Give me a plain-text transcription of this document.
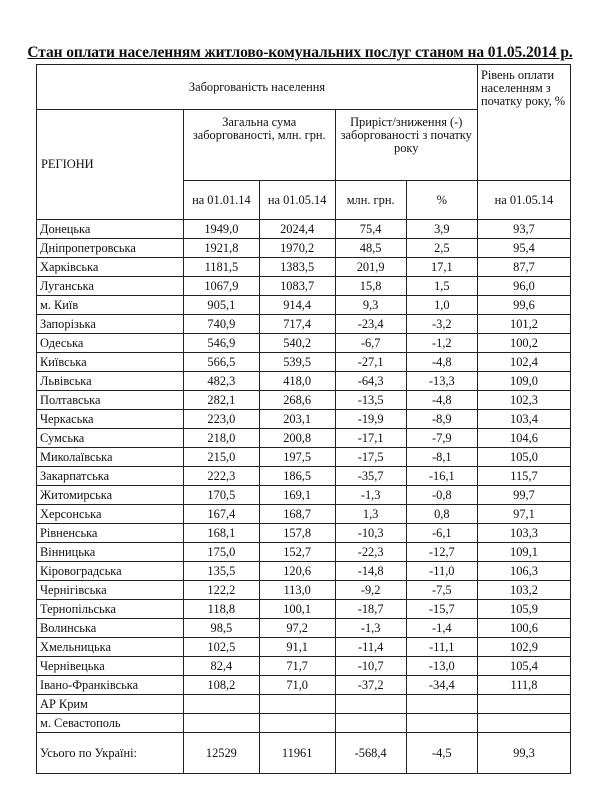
Стан оплати населенням житлово-комунальних послуг станом на 01.05.2014 р.
Заборгованість населення					Рівень оплати населенням з початку року, %
РЕГІОНИ	Загальна сума заборгованості, млн. грн.		Приріст/зниження (-) заборгованості з початку року		
	на 01.01.14	на 01.05.14	млн. грн.	%	на 01.05.14
Донецька	1949,0	2024,4	75,4	3,9	93,7
Дніпропетровська	1921,8	1970,2	48,5	2,5	95,4
Харківська	1181,5	1383,5	201,9	17,1	87,7
Луганська	1067,9	1083,7	15,8	1,5	96,0
м. Київ	905,1	914,4	9,3	1,0	99,6
Запорізька	740,9	717,4	-23,4	-3,2	101,2
Одеська	546,9	540,2	-6,7	-1,2	100,2
Київська	566,5	539,5	-27,1	-4,8	102,4
Львівська	482,3	418,0	-64,3	-13,3	109,0
Полтавська	282,1	268,6	-13,5	-4,8	102,3
Черкаська	223,0	203,1	-19,9	-8,9	103,4
Сумська	218,0	200,8	-17,1	-7,9	104,6
Миколаївська	215,0	197,5	-17,5	-8,1	105,0
Закарпатська	222,3	186,5	-35,7	-16,1	115,7
Житомирська	170,5	169,1	-1,3	-0,8	99,7
Херсонська	167,4	168,7	1,3	0,8	97,1
Рівненська	168,1	157,8	-10,3	-6,1	103,3
Вінницька	175,0	152,7	-22,3	-12,7	109,1
Кіровоградська	135,5	120,6	-14,8	-11,0	106,3
Чернігівська	122,2	113,0	-9,2	-7,5	103,2
Тернопільська	118,8	100,1	-18,7	-15,7	105,9
Волинська	98,5	97,2	-1,3	-1,4	100,6
Хмельницька	102,5	91,1	-11,4	-11,1	102,9
Чернівецька	82,4	71,7	-10,7	-13,0	105,4
Івано-Франківська	108,2	71,0	-37,2	-34,4	111,8
АР Крим					
м. Севастополь					
Усього по Україні:	12529	11961	-568,4	-4,5	99,3
